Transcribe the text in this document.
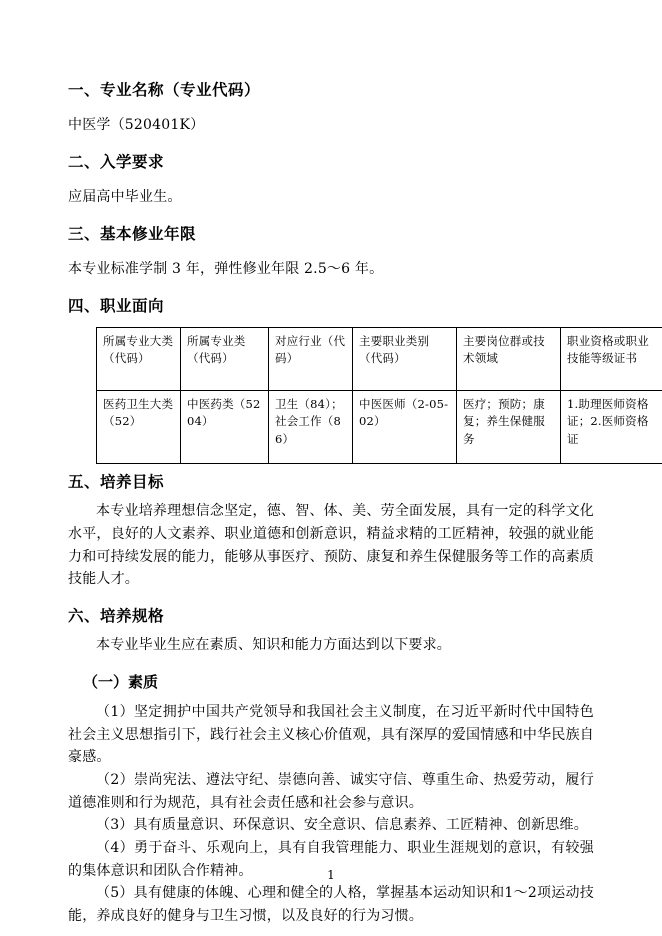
一、专业名称（专业代码）

中医学（520401K）

二、入学要求

应届高中毕业生。

三、基本修业年限

本专业标准学制 3 年，弹性修业年限 2.5～6 年。

四、职业面向
所属专业大类（代码）	所属专业类（代码）	对应行业（代码）	主要职业类别（代码）	主要岗位群或技术领域	职业资格或职业技能等级证书
医药卫生大类（52）	中医药类（5204）	卫生（84）；社会工作（86）	中医医师（2-05-02）	医疗；预防；康复；养生保健服务	1.助理医师资格证；2.医师资格证
五、培养目标

本专业培养理想信念坚定，德、智、体、美、劳全面发展，具有一定的科学文化水平，良好的人文素养、职业道德和创新意识，精益求精的工匠精神，较强的就业能力和可持续发展的能力，能够从事医疗、预防、康复和养生保健服务等工作的高素质技能人才。

六、培养规格

本专业毕业生应在素质、知识和能力方面达到以下要求。

（一）素质

（1）坚定拥护中国共产党领导和我国社会主义制度，在习近平新时代中国特色社会主义思想指引下，践行社会主义核心价值观，具有深厚的爱国情感和中华民族自豪感。

（2）崇尚宪法、遵法守纪、崇德向善、诚实守信、尊重生命、热爱劳动，履行道德准则和行为规范，具有社会责任感和社会参与意识。

（3）具有质量意识、环保意识、安全意识、信息素养、工匠精神、创新思维。

（4）勇于奋斗、乐观向上，具有自我管理能力、职业生涯规划的意识，有较强的集体意识和团队合作精神。

（5）具有健康的体魄、心理和健全的人格，掌握基本运动知识和1～2项运动技能，养成良好的健身与卫生习惯，以及良好的行为习惯。

1
